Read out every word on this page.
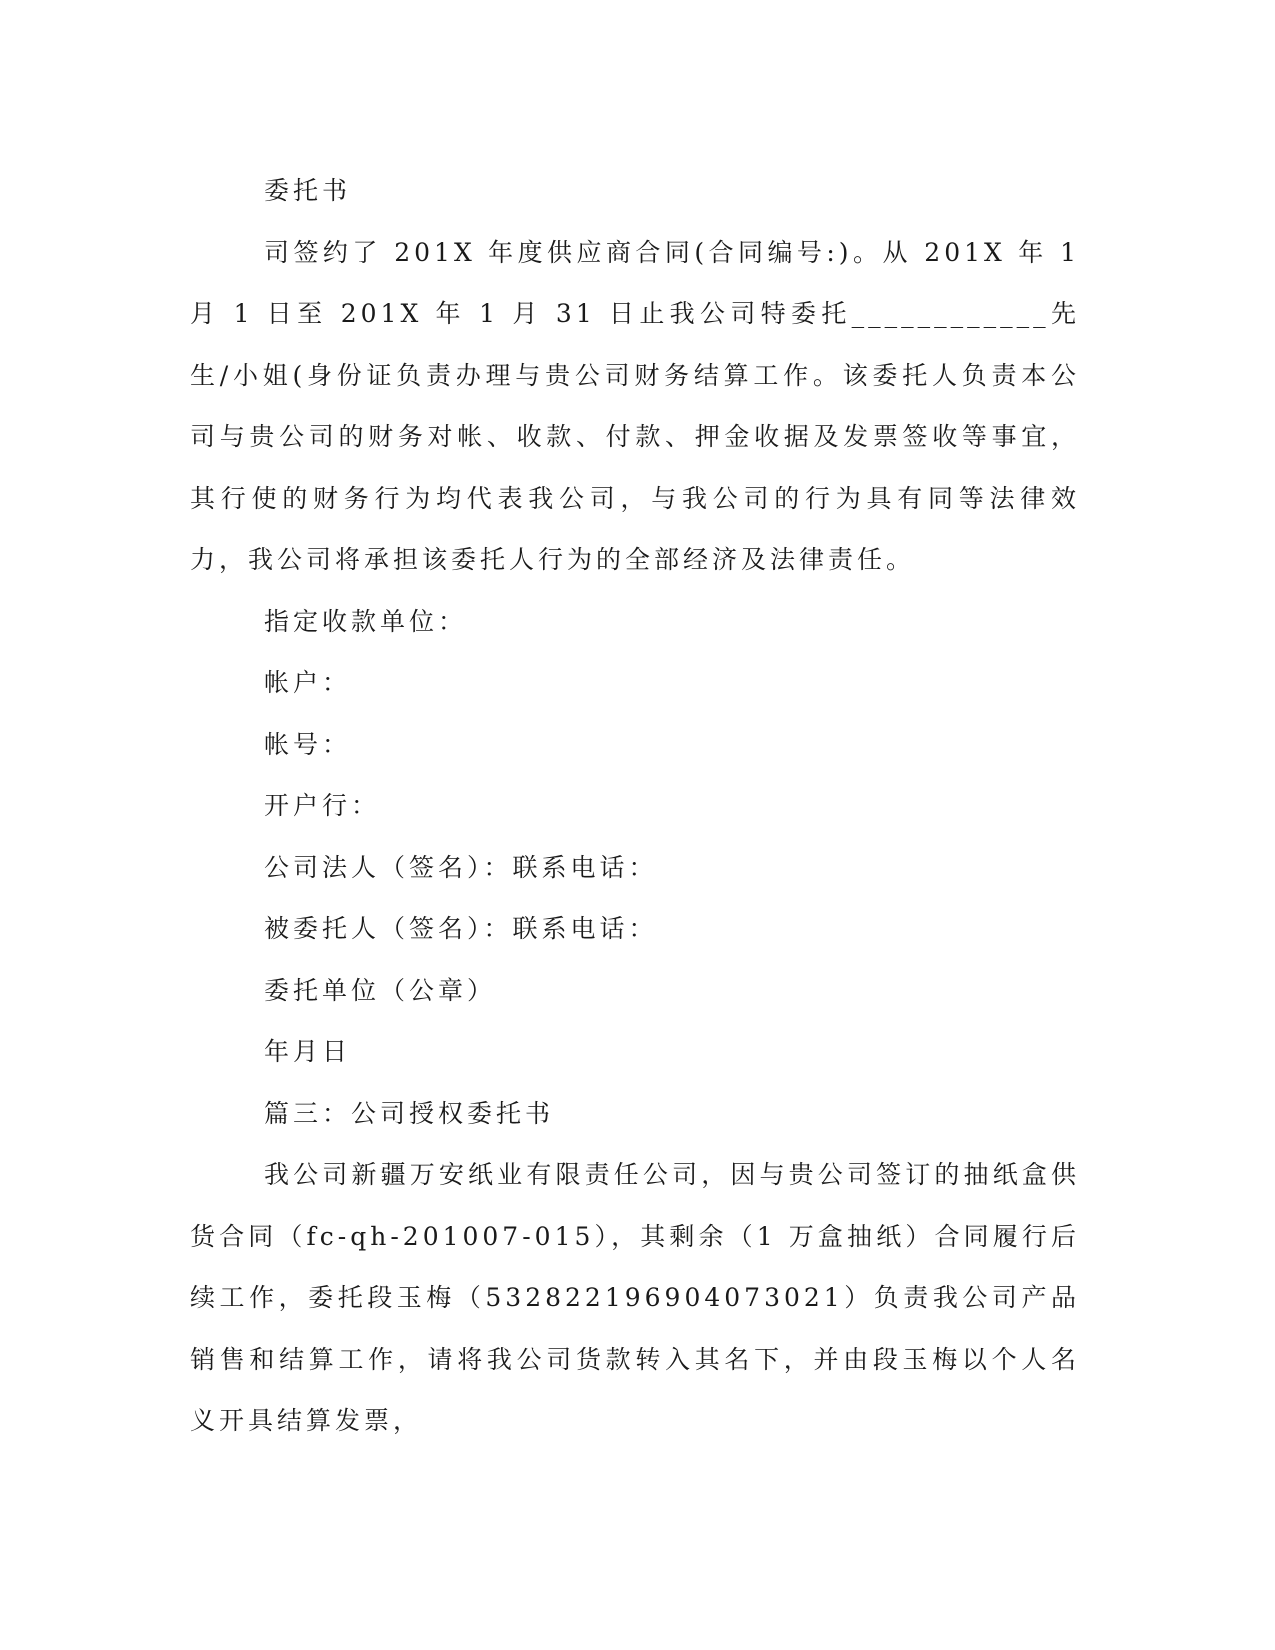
委托书

司签约了 201X 年度供应商合同(合同编号:)。从 201X 年 1 月 1 日至 201X 年 1 月 31 日止我公司特委托____________先生/小姐(身份证负责办理与贵公司财务结算工作。该委托人负责本公司与贵公司的财务对帐、收款、付款、押金收据及发票签收等事宜，其行使的财务行为均代表我公司，与我公司的行为具有同等法律效力，我公司将承担该委托人行为的全部经济及法律责任。

指定收款单位：

帐户：

帐号：

开户行：

公司法人（签名）：联系电话：

被委托人（签名）：联系电话：

委托单位（公章）

年月日

篇三：公司授权委托书

我公司新疆万安纸业有限责任公司，因与贵公司签订的抽纸盒供货合同（fc-qh-201007-015），其剩余（1 万盒抽纸）合同履行后续工作，委托段玉梅（532822196904073021）负责我公司产品销售和结算工作，请将我公司货款转入其名下，并由段玉梅以个人名义开具结算发票，
